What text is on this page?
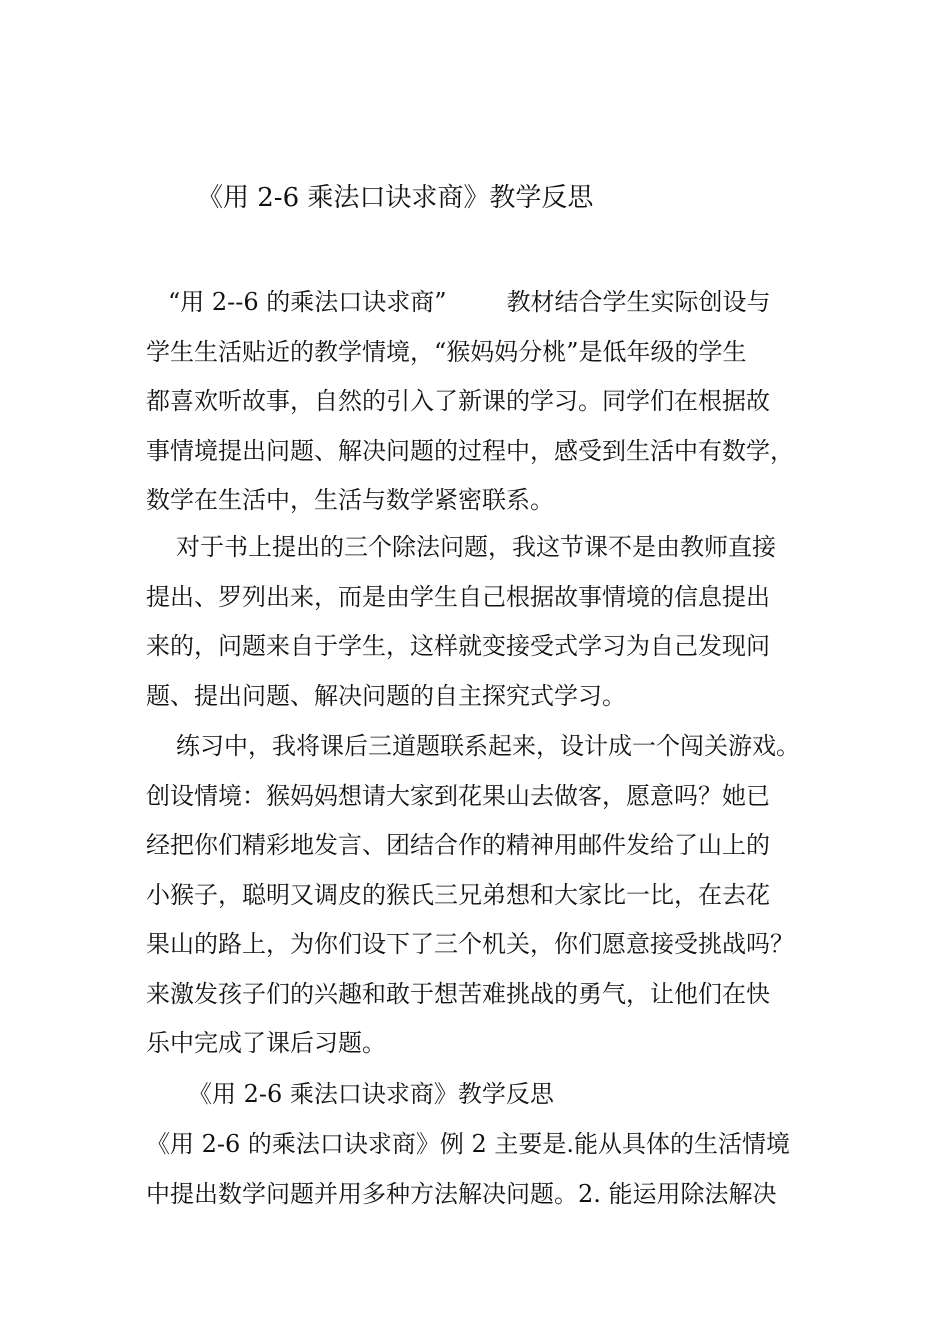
《用 2-6 乘法口诀求商》教学反思
“用 2--6 的乘法口诀求商”	教材结合学生实际创设与
学生生活贴近的教学情境，“猴妈妈分桃”是低年级的学生
都喜欢听故事，自然的引入了新课的学习。同学们在根据故
事情境提出问题、解决问题的过程中，感受到生活中有数学，
数学在生活中，生活与数学紧密联系。
对于书上提出的三个除法问题，我这节课不是由教师直接
提出、罗列出来，而是由学生自己根据故事情境的信息提出
来的，问题来自于学生，这样就变接受式学习为自己发现问
题、提出问题、解决问题的自主探究式学习。
练习中，我将课后三道题联系起来，设计成一个闯关游戏。
创设情境：猴妈妈想请大家到花果山去做客，愿意吗？她已
经把你们精彩地发言、团结合作的精神用邮件发给了山上的
小猴子，聪明又调皮的猴氏三兄弟想和大家比一比，在去花
果山的路上，为你们设下了三个机关，你们愿意接受挑战吗？
来激发孩子们的兴趣和敢于想苦难挑战的勇气，让他们在快
乐中完成了课后习题。
《用 2-6 乘法口诀求商》教学反思
《用 2-6 的乘法口诀求商》例 2 主要是.能从具体的生活情境
中提出数学问题并用多种方法解决问题。2. 能运用除法解决
